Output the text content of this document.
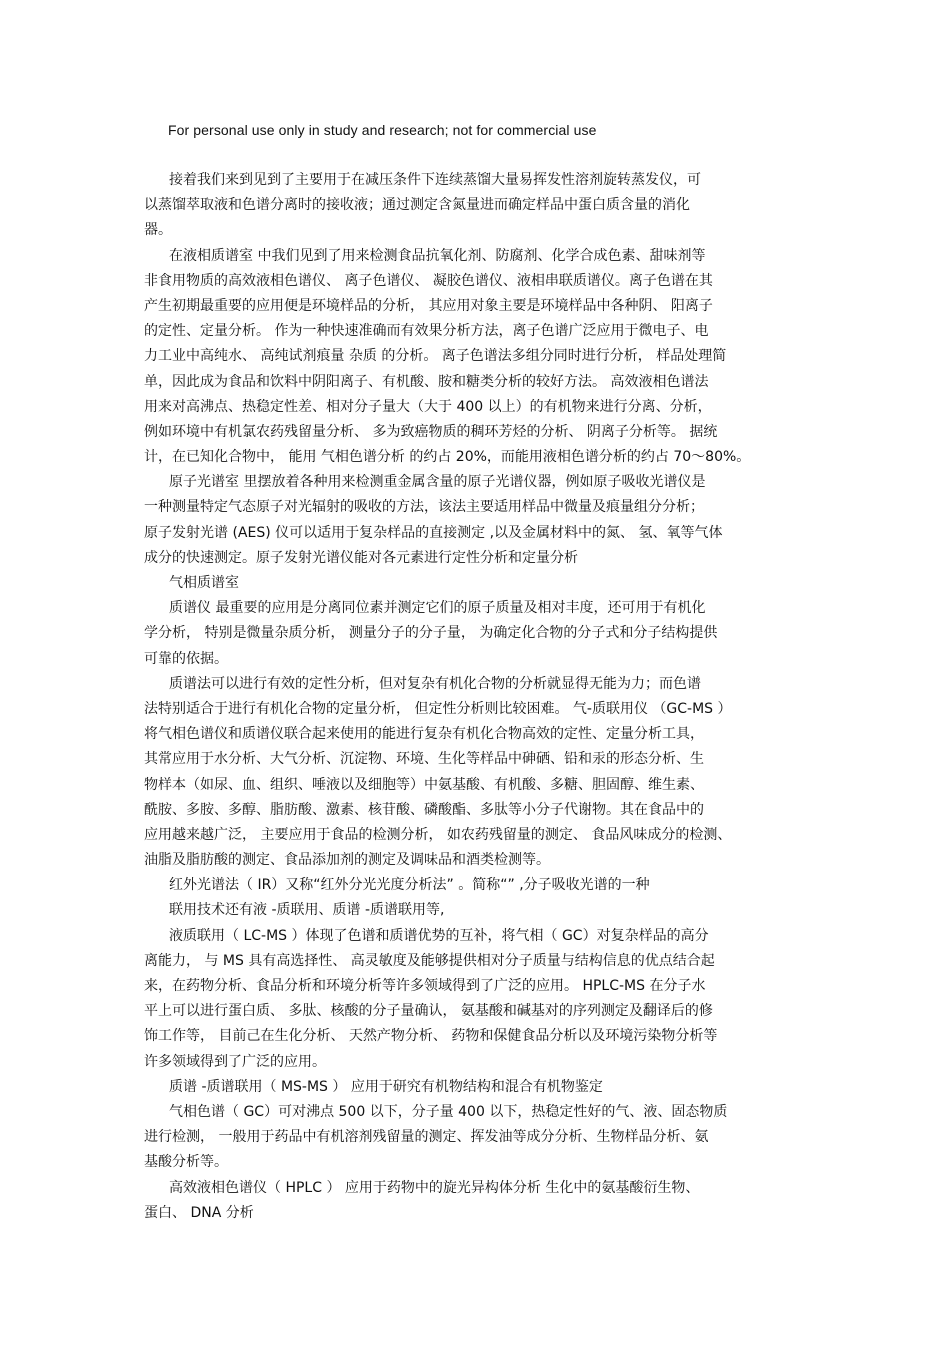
For personal use only in study and research; not for commercial use
接着我们来到见到了主要用于在减压条件下连续蒸馏大量易挥发性溶剂旋转蒸发仪，可
以蒸馏萃取液和色谱分离时的接收液；通过测定含氮量进而确定样品中蛋白质含量的消化
器。
在液相质谱室 中我们见到了用来检测食品抗氧化剂、防腐剂、化学合成色素、甜味剂等
非食用物质的高效液相色谱仪、 离子色谱仪、 凝胶色谱仪、液相串联质谱仪。离子色谱在其
产生初期最重要的应用便是环境样品的分析， 其应用对象主要是环境样品中各种阴、 阳离子
的定性、定量分析。 作为一种快速准确而有效果分析方法，离子色谱广泛应用于微电子、电
力工业中高纯水、 高纯试剂痕量 杂质 的分析。 离子色谱法多组分同时进行分析， 样品处理简
单，因此成为食品和饮料中阴阳离子、有机酸、胺和糖类分析的较好方法。 高效液相色谱法
用来对高沸点、热稳定性差、相对分子量大（大于 400 以上）的有机物来进行分离、分析，
例如环境中有机氯农药残留量分析、 多为致癌物质的稠环芳烃的分析、 阴离子分析等。 据统
计，在已知化合物中， 能用 气相色谱分析 的约占 20%，而能用液相色谱分析的约占 70～80%。
原子光谱室 里摆放着各种用来检测重金属含量的原子光谱仪器，例如原子吸收光谱仪是
一种测量特定气态原子对光辐射的吸收的方法，该法主要适用样品中微量及痕量组分分析；
原子发射光谱 (AES) 仪可以适用于复杂样品的直接测定 ,以及金属材料中的氮、 氢、氧等气体
成分的快速测定。原子发射光谱仪能对各元素进行定性分析和定量分析
气相质谱室
质谱仪 最重要的应用是分离同位素并测定它们的原子质量及相对丰度，还可用于有机化
学分析， 特别是微量杂质分析， 测量分子的分子量， 为确定化合物的分子式和分子结构提供
可靠的依据。
质谱法可以进行有效的定性分析，但对复杂有机化合物的分析就显得无能为力；而色谱
法特别适合于进行有机化合物的定量分析， 但定性分析则比较困难。 气-质联用仪 （GC-MS ）
将气相色谱仪和质谱仪联合起来使用的能进行复杂有机化合物高效的定性、定量分析工具，
其常应用于水分析、大气分析、沉淀物、环境、生化等样品中砷硒、铅和汞的形态分析、生
物样本（如尿、血、组织、唾液以及细胞等）中氨基酸、有机酸、多糖、胆固醇、维生素、
酰胺、多胺、多醇、脂肪酸、激素、核苷酸、磷酸酯、多肽等小分子代谢物。其在食品中的
应用越来越广泛， 主要应用于食品的检测分析， 如农药残留量的测定、 食品风味成分的检测、
油脂及脂肪酸的测定、食品添加剂的测定及调味品和酒类检测等。
红外光谱法（ IR）又称“红外分光光度分析法” 。简称“” ,分子吸收光谱的一种
联用技术还有液 -质联用、质谱 -质谱联用等,
液质联用（ LC-MS ）体现了色谱和质谱优势的互补，将气相（ GC）对复杂样品的高分
离能力， 与 MS 具有高选择性、 高灵敏度及能够提供相对分子质量与结构信息的优点结合起
来，在药物分析、食品分析和环境分析等许多领域得到了广泛的应用。 HPLC-MS 在分子水
平上可以进行蛋白质、 多肽、核酸的分子量确认， 氨基酸和碱基对的序列测定及翻译后的修
饰工作等， 目前己在生化分析、 天然产物分析、 药物和保健食品分析以及环境污染物分析等
许多领域得到了广泛的应用。
质谱 -质谱联用（ MS-MS ） 应用于研究有机物结构和混合有机物鉴定
气相色谱（ GC）可对沸点 500 以下，分子量 400 以下，热稳定性好的气、液、固态物质
进行检测， 一般用于药品中有机溶剂残留量的测定、挥发油等成分分析、生物样品分析、氨
基酸分析等。
高效液相色谱仪（ HPLC ） 应用于药物中的旋光异构体分析 生化中的氨基酸衍生物、
蛋白、 DNA 分析
